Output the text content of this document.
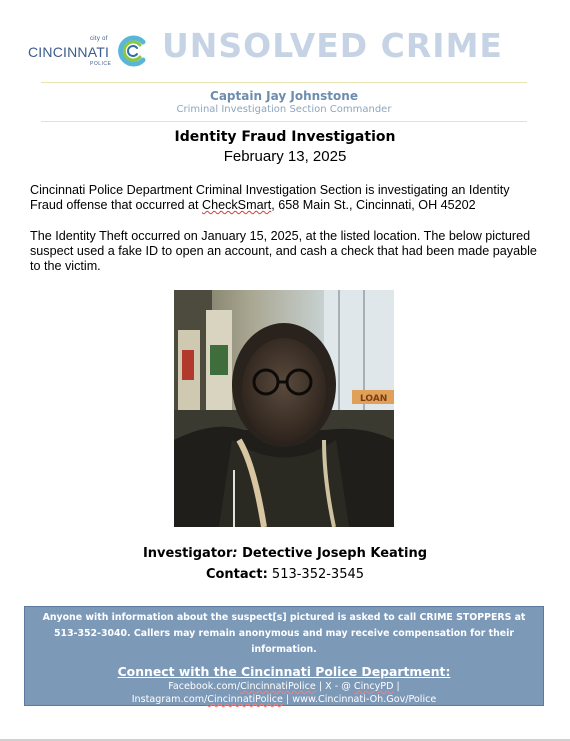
city of
CINCINNATI
POLICE UNSOLVED CRIME
Captain Jay Johnstone
Criminal Investigation Section Commander
Identity Fraud Investigation
February 13, 2025
Cincinnati Police Department Criminal Investigation Section is investigating an Identity Fraud offense that occurred at CheckSmart, 658 Main St., Cincinnati, OH 45202
The Identity Theft occurred on January 15, 2025, at the listed location. The below pictured suspect used a fake ID to open an account, and cash a check that had been made payable to the victim.
LOAN
Investigator: Detective Joseph Keating
Contact: 513-352-3545
Anyone with information about the suspect[s] pictured is asked to call CRIME STOPPERS at 513-352-3040. Callers may remain anonymous and may receive compensation for their information.
Connect with the Cincinnati Police Department:
Facebook.com/CincinnatiPolice | X - @ CincyPD |
Instagram.com/CincinnatiPolice | www.Cincinnati-Oh.Gov/Police
